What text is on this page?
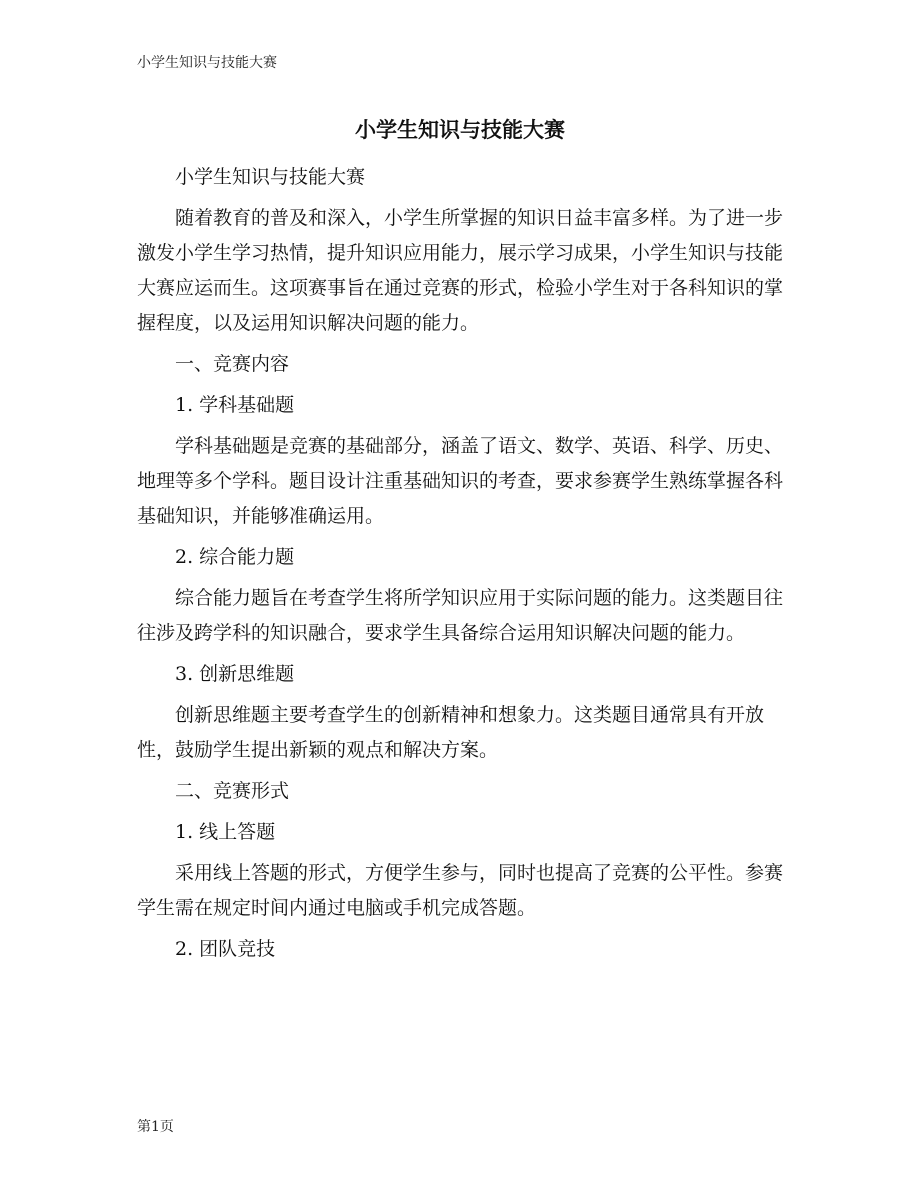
小学生知识与技能大赛
小学生知识与技能大赛

小学生知识与技能大赛

随着教育的普及和深入，小学生所掌握的知识日益丰富多样。为了进一步激发小学生学习热情，提升知识应用能力，展示学习成果，小学生知识与技能大赛应运而生。这项赛事旨在通过竞赛的形式，检验小学生对于各科知识的掌握程度，以及运用知识解决问题的能力。

一、竞赛内容

1. 学科基础题

学科基础题是竞赛的基础部分，涵盖了语文、数学、英语、科学、历史、地理等多个学科。题目设计注重基础知识的考查，要求参赛学生熟练掌握各科基础知识，并能够准确运用。

2. 综合能力题

综合能力题旨在考查学生将所学知识应用于实际问题的能力。这类题目往往涉及跨学科的知识融合，要求学生具备综合运用知识解决问题的能力。

3. 创新思维题

创新思维题主要考查学生的创新精神和想象力。这类题目通常具有开放性，鼓励学生提出新颖的观点和解决方案。

二、竞赛形式

1. 线上答题

采用线上答题的形式，方便学生参与，同时也提高了竞赛的公平性。参赛学生需在规定时间内通过电脑或手机完成答题。

2. 团队竞技

第1页
